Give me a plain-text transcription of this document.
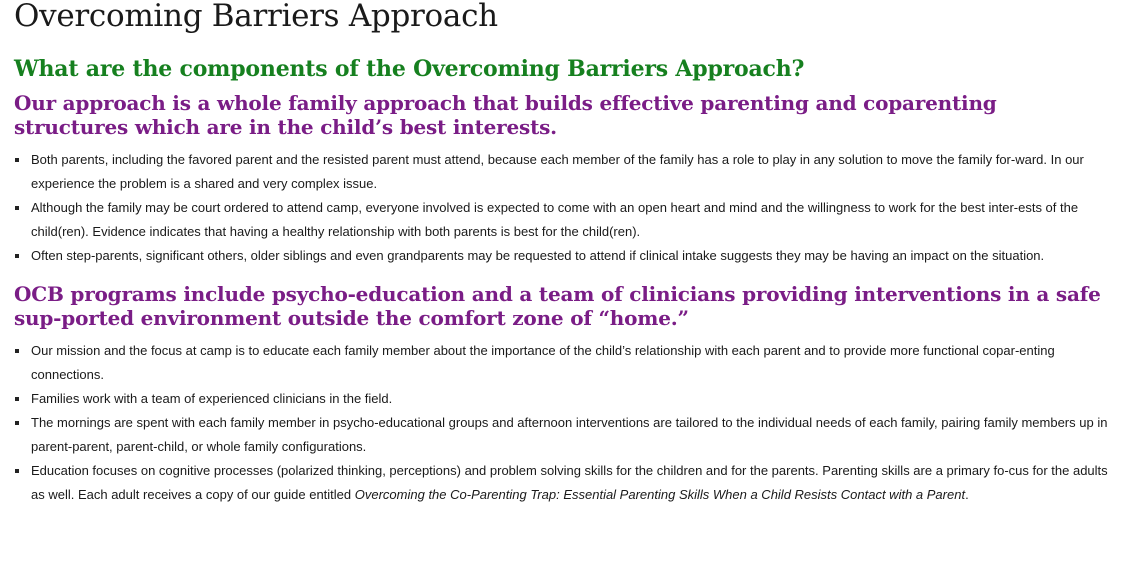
Overcoming Barriers Approach
What are the components of the Overcoming Barriers Approach?
Our approach is a whole family approach that builds effective parenting and coparenting structures which are in the child’s best interests.
Both parents, including the favored parent and the resisted parent must attend, because each member of the family has a role to play in any solution to move the family for-ward. In our experience the problem is a shared and very complex issue.
Although the family may be court ordered to attend camp, everyone involved is expected to come with an open heart and mind and the willingness to work for the best inter-ests of the child(ren). Evidence indicates that having a healthy relationship with both parents is best for the child(ren).
Often step-parents, significant others, older siblings and even grandparents may be requested to attend if clinical intake suggests they may be having an impact on the situation.
OCB programs include psycho-education and a team of clinicians providing interventions in a safe sup-ported environment outside the comfort zone of “home.”
Our mission and the focus at camp is to educate each family member about the importance of the child’s relationship with each parent and to provide more functional copar-enting connections.
Families work with a team of experienced clinicians in the field.
The mornings are spent with each family member in psycho-educational groups and afternoon interventions are tailored to the individual needs of each family, pairing family members up in parent-parent, parent-child, or whole family configurations.
Education focuses on cognitive processes (polarized thinking, perceptions) and problem solving skills for the children and for the parents. Parenting skills are a primary fo-cus for the adults as well. Each adult receives a copy of our guide entitled Overcoming the Co-Parenting Trap: Essential Parenting Skills When a Child Resists Contact with a Parent.
